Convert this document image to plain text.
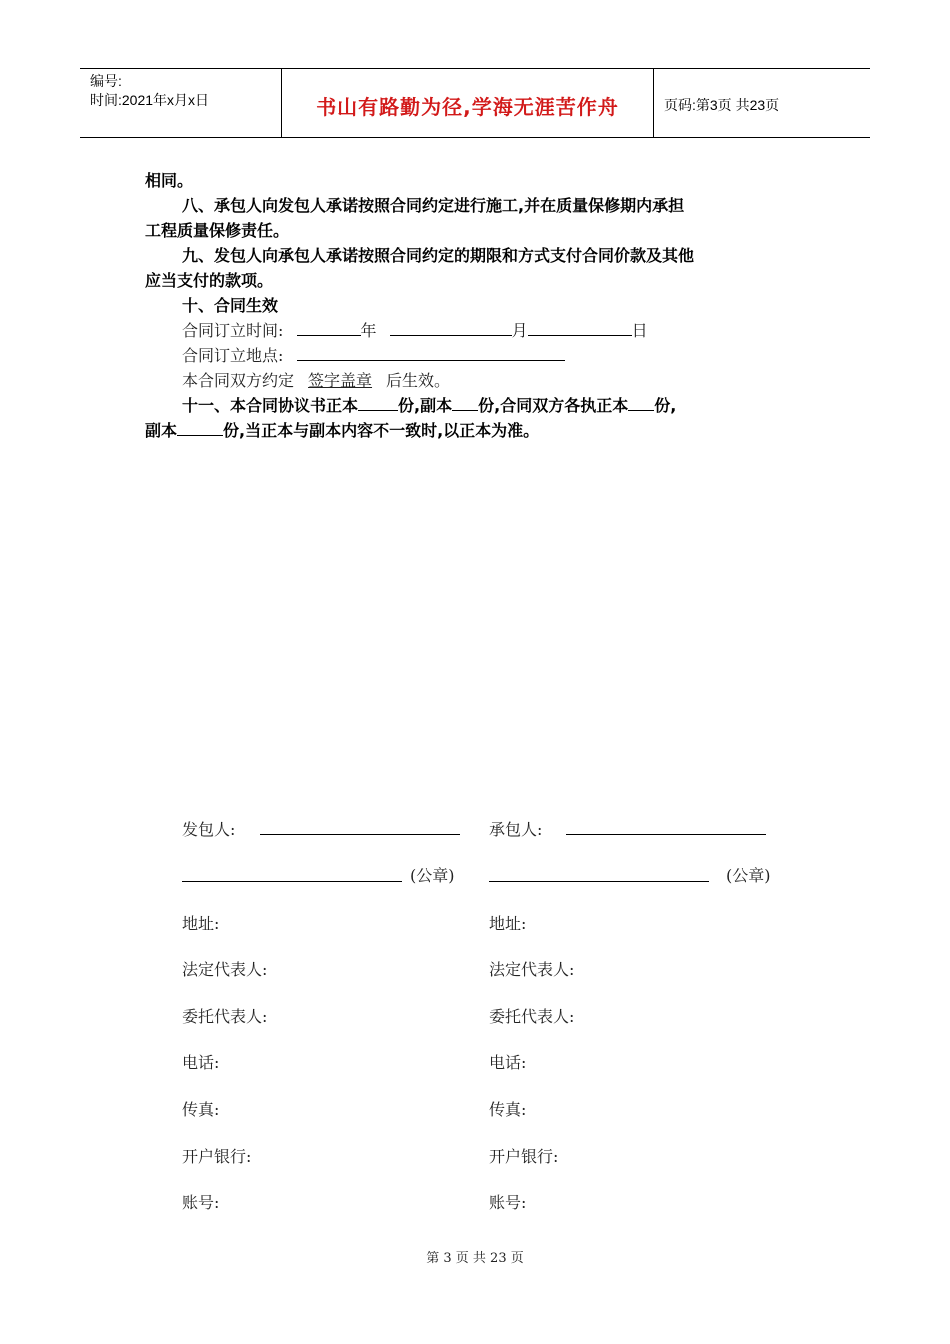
编号:
时间:2021年x月x日	书山有路勤为径,学海无涯苦作舟	页码:第3页 共23页

相同。

八、承包人向发包人承诺按照合同约定进行施工,并在质量保修期内承担

工程质量保修责任。

九、发包人向承包人承诺按照合同约定的期限和方式支付合同价款及其他

应当支付的款项。

十、合同生效

合同订立时间:	年	月	日

合同订立地点:

本合同双方约定 签字盖章 后生效。

十一、本合同协议书正本	份,副本 份,合同双方各执正本 份,

副本	份,当正本与副本内容不一致时,以正本为准。

发包人:	承包人:
(公章)	(公章)
地址:	地址:
法定代表人:	法定代表人:
委托代表人:	委托代表人:
电话:	电话:
传真:	传真:
开户银行:	开户银行:
账号:	账号:
第 3 页 共 23 页
